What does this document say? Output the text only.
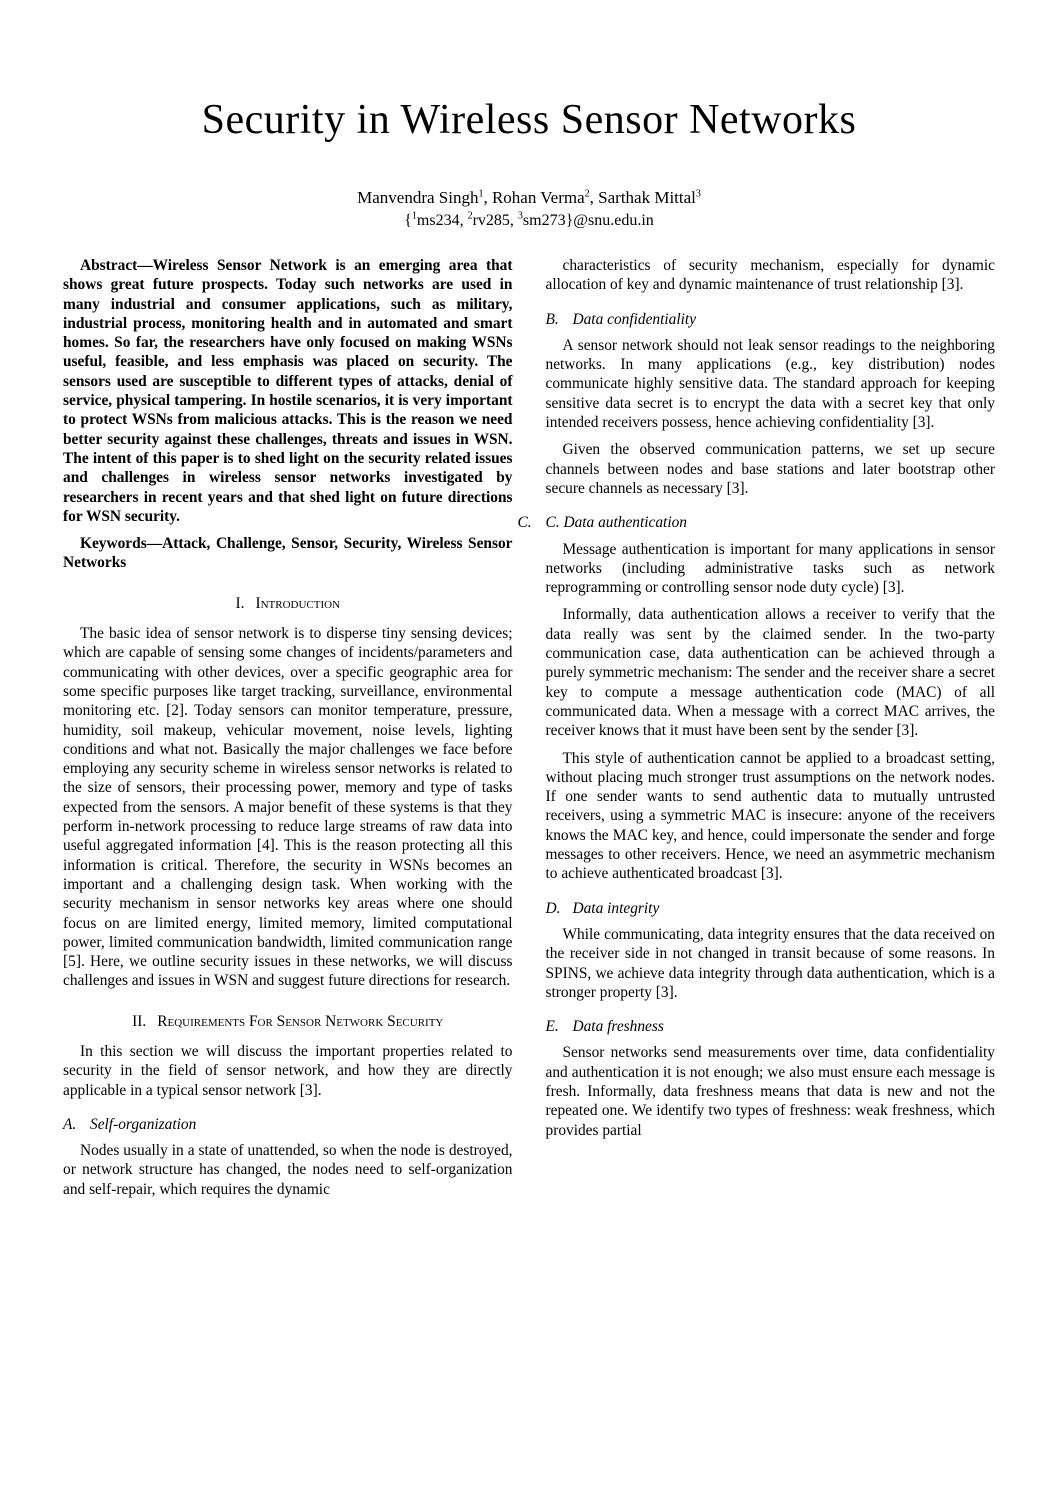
Security in Wireless Sensor Networks
Manvendra Singh$^1$, Rohan Verma$^2$, Sarthak Mittal$^3$
{$^1$ms234, $^2$rv285, $^3$sm273}@snu.edu.in

Abstract—Wireless Sensor Network is an emerging area that shows great future prospects. Today such networks are used in many industrial and consumer applications, such as military, industrial process, monitoring health and in automated and smart homes. So far, the researchers have only focused on making WSNs useful, feasible, and less emphasis was placed on security. The sensors used are susceptible to different types of attacks, denial of service, physical tampering. In hostile scenarios, it is very important to protect WSNs from malicious attacks. This is the reason we need better security against these challenges, threats and issues in WSN. The intent of this paper is to shed light on the security related issues and challenges in wireless sensor networks investigated by researchers in recent years and that shed light on future directions for WSN security.

Keywords—Attack, Challenge, Sensor, Security, Wireless Sensor Networks

I. Introduction

The basic idea of sensor network is to disperse tiny sensing devices; which are capable of sensing some changes of incidents/parameters and communicating with other devices, over a specific geographic area for some specific purposes like target tracking, surveillance, environmental monitoring etc. [2]. Today sensors can monitor temperature, pressure, humidity, soil makeup, vehicular movement, noise levels, lighting conditions and what not. Basically the major challenges we face before employing any security scheme in wireless sensor networks is related to the size of sensors, their processing power, memory and type of tasks expected from the sensors. A major benefit of these systems is that they perform in-network processing to reduce large streams of raw data into useful aggregated information [4]. This is the reason protecting all this information is critical. Therefore, the security in WSNs becomes an important and a challenging design task. When working with the security mechanism in sensor networks key areas where one should focus on are limited energy, limited memory, limited computational power, limited communication bandwidth, limited communication range [5]. Here, we outline security issues in these networks, we will discuss challenges and issues in WSN and suggest future directions for research.

II. Requirements For Sensor Network Security

In this section we will discuss the important properties related to security in the field of sensor network, and how they are directly applicable in a typical sensor network [3].

A. Self-organization

Nodes usually in a state of unattended, so when the node is destroyed, or network structure has changed, the nodes need to self-organization and self-repair, which requires the dynamic

characteristics of security mechanism, especially for dynamic allocation of key and dynamic maintenance of trust relationship [3].

B. Data confidentiality

A sensor network should not leak sensor readings to the neighboring networks. In many applications (e.g., key distribution) nodes communicate highly sensitive data. The standard approach for keeping sensitive data secret is to encrypt the data with a secret key that only intended receivers possess, hence achieving confidentiality [3].

Given the observed communication patterns, we set up secure channels between nodes and base stations and later bootstrap other secure channels as necessary [3].

C. C. Data authentication

Message authentication is important for many applications in sensor networks (including administrative tasks such as network reprogramming or controlling sensor node duty cycle) [3].

Informally, data authentication allows a receiver to verify that the data really was sent by the claimed sender. In the two-party communication case, data authentication can be achieved through a purely symmetric mechanism: The sender and the receiver share a secret key to compute a message authentication code (MAC) of all communicated data. When a message with a correct MAC arrives, the receiver knows that it must have been sent by the sender [3].

This style of authentication cannot be applied to a broadcast setting, without placing much stronger trust assumptions on the network nodes. If one sender wants to send authentic data to mutually untrusted receivers, using a symmetric MAC is insecure: anyone of the receivers knows the MAC key, and hence, could impersonate the sender and forge messages to other receivers. Hence, we need an asymmetric mechanism to achieve authenticated broadcast [3].

D. Data integrity

While communicating, data integrity ensures that the data received on the receiver side in not changed in transit because of some reasons. In SPINS, we achieve data integrity through data authentication, which is a stronger property [3].

E. Data freshness

Sensor networks send measurements over time, data confidentiality and authentication it is not enough; we also must ensure each message is fresh. Informally, data freshness means that data is new and not the repeated one. We identify two types of freshness: weak freshness, which provides partial
